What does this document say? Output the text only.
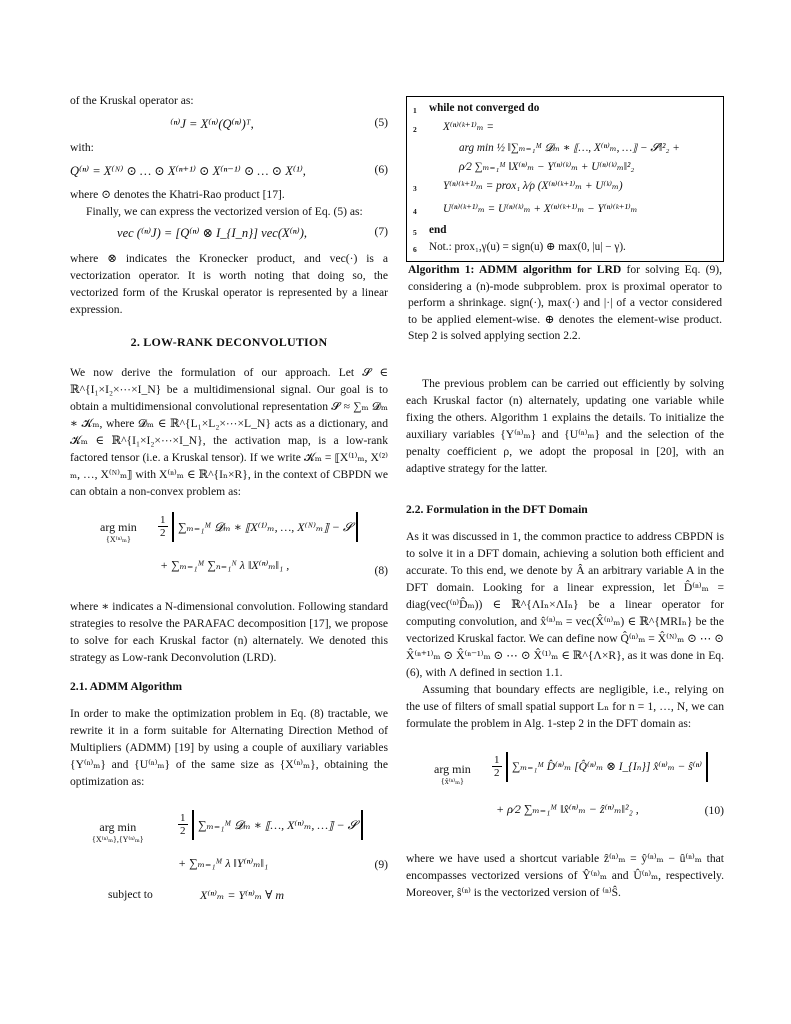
of the Kruskal operator as:

⁽ⁿ⁾J = X⁽ⁿ⁾(Q⁽ⁿ⁾)ᵀ,	(5)

with:

Q⁽ⁿ⁾ = X⁽ᴺ⁾ ⊙ … ⊙ X⁽ⁿ⁺¹⁾ ⊙ X⁽ⁿ⁻¹⁾ ⊙ … ⊙ X⁽¹⁾,	(6)

where ⊙ denotes the Khatri-Rao product [17].

Finally, we can express the vectorized version of Eq. (5) as:

vec (⁽ⁿ⁾J) = [Q⁽ⁿ⁾ ⊗ I_{I_n}] vec(X⁽ⁿ⁾),	(7)

where ⊗ indicates the Kronecker product, and vec(·) is a vectorization operator. It is worth noting that doing so, the vectorized form of the Kruskal operator is represented by a linear expression.

2. LOW-RANK DECONVOLUTION

We now derive the formulation of our approach. Let 𝓢 ∈ ℝ^{I₁×I₂×⋯×I_N} be a multidimensional signal. Our goal is to obtain a multidimensional convolutional representation 𝓢 ≈ ∑ₘ 𝓓ₘ ∗ 𝓚ₘ, where 𝓓ₘ ∈ ℝ^{L₁×L₂×⋯×L_N} acts as a dictionary, and 𝓚ₘ ∈ ℝ^{I₁×I₂×⋯×I_N}, the activation map, is a low-rank factored tensor (i.e. a Kruskal tensor). If we write 𝓚ₘ = ⟦X⁽¹⁾ₘ, X⁽²⁾ₘ, …, X⁽ᴺ⁾ₘ⟧ with X⁽ⁿ⁾ₘ ∈ ℝ^{Iₙ×R}, in the context of CBPDN we can obtain a non-convex problem as:

arg min
{X⁽ⁿ⁾ₘ}
$\frac{1}{2}$ ∑ₘ₌₁ᴹ 𝓓ₘ ∗ ⟦X⁽¹⁾ₘ, …, X⁽ᴺ⁾ₘ⟧ − 𝓢
+ ∑ₘ₌₁ᴹ ∑ₙ₌₁ᴺ λ ‖X⁽ⁿ⁾ₘ‖₁ ,	(8)

where ∗ indicates a N-dimensional convolution. Following standard strategies to resolve the PARAFAC decomposition [17], we propose to solve for each Kruskal factor (n) alternately. We denoted this strategy as Low-rank Deconvolution (LRD).

2.1. ADMM Algorithm

In order to make the optimization problem in Eq. (8) tractable, we rewrite it in a form suitable for Alternating Direction Method of Multipliers (ADMM) [19] by using a couple of auxiliary variables {Y⁽ⁿ⁾ₘ} and {U⁽ⁿ⁾ₘ} of the same size as {X⁽ⁿ⁾ₘ}, obtaining the optimization as:

arg min
{X⁽ⁿ⁾ₘ},{Y⁽ⁿ⁾ₘ}
$\frac{1}{2}$ ∑ₘ₌₁ᴹ 𝓓ₘ ∗ ⟦…, X⁽ⁿ⁾ₘ, …⟧ − 𝓢
+ ∑ₘ₌₁ᴹ λ ‖Y⁽ⁿ⁾ₘ‖₁	(9)
subject to	X⁽ⁿ⁾ₘ = Y⁽ⁿ⁾ₘ ∀ m
1	while not converged do
2	X⁽ⁿ⁾⁽ᵏ⁺¹⁾ₘ =
arg min ½ ‖∑ₘ₌₁ᴹ 𝓓ₘ ∗ ⟦…, X⁽ⁿ⁾ₘ, …⟧ − 𝓢‖²₂ +
ρ⁄2 ∑ₘ₌₁ᴹ ‖X⁽ⁿ⁾ₘ − Y⁽ⁿ⁾⁽ᵏ⁾ₘ + U⁽ⁿ⁾⁽ᵏ⁾ₘ‖²₂
3	Y⁽ⁿ⁾⁽ᵏ⁺¹⁾ₘ = prox₁ λ⁄ρ (X⁽ⁿ⁾⁽ᵏ⁺¹⁾ₘ + U⁽ᵏ⁾ₘ)
4	U⁽ⁿ⁾⁽ᵏ⁺¹⁾ₘ = U⁽ⁿ⁾⁽ᵏ⁾ₘ + X⁽ⁿ⁾⁽ᵏ⁺¹⁾ₘ − Y⁽ⁿ⁾⁽ᵏ⁺¹⁾ₘ
5	end
6	Not.: prox₁,γ(u) = sign(u) ⊕ max(0, |u| − γ).
Algorithm 1: ADMM algorithm for LRD for solving Eq. (9), considering a (n)-mode subproblem. prox is proximal operator to perform a shrinkage. sign(·), max(·) and |·| of a vector considered to be applied element-wise. ⊕ denotes the element-wise product. Step 2 is solved applying section 2.2.

The previous problem can be carried out efficiently by solving each Kruskal factor (n) alternately, updating one variable while fixing the others. Algorithm 1 explains the details. To initialize the auxiliary variables {Y⁽ⁿ⁾ₘ} and {U⁽ⁿ⁾ₘ} and the selection of the penalty coefficient ρ, we adopt the proposal in [20], with an adaptive strategy for the latter.

2.2. Formulation in the DFT Domain

As it was discussed in 1, the common practice to address CBPDN is to solve it in a DFT domain, achieving a solution both efficient and accurate. To this end, we denote by Â an arbitrary variable A in the DFT domain. Looking for a linear expression, let D̂⁽ⁿ⁾ₘ = diag(vec(⁽ⁿ⁾D̂ₘ)) ∈ ℝ^{ΛIₙ×ΛIₙ} be a linear operator for computing convolution, and x̂⁽ⁿ⁾ₘ = vec(X̂⁽ⁿ⁾ₘ) ∈ ℝ^{MRIₙ} be the vectorized Kruskal factor. We can define now Q̂⁽ⁿ⁾ₘ = X̂⁽ᴺ⁾ₘ ⊙ ⋯ ⊙ X̂⁽ⁿ⁺¹⁾ₘ ⊙ X̂⁽ⁿ⁻¹⁾ₘ ⊙ ⋯ ⊙ X̂⁽¹⁾ₘ ∈ ℝ^{Λ×R}, as it was done in Eq. (6), with Λ defined in section 1.1.

Assuming that boundary effects are negligible, i.e., relying on the use of filters of small spatial support Lₙ for n = 1, …, N, we can formulate the problem in Alg. 1-step 2 in the DFT domain as:

arg min
{x̂⁽ⁿ⁾ₘ}
$\frac{1}{2}$ ∑ₘ₌₁ᴹ D̂⁽ⁿ⁾ₘ [Q̂⁽ⁿ⁾ₘ ⊗ I_{Iₙ}] x̂⁽ⁿ⁾ₘ − ŝ⁽ⁿ⁾
+ ρ⁄2 ∑ₘ₌₁ᴹ ‖x̂⁽ⁿ⁾ₘ − ẑ⁽ⁿ⁾ₘ‖²₂ ,	(10)

where we have used a shortcut variable ẑ⁽ⁿ⁾ₘ = ŷ⁽ⁿ⁾ₘ − û⁽ⁿ⁾ₘ that encompasses vectorized versions of Ŷ⁽ⁿ⁾ₘ and Û⁽ⁿ⁾ₘ, respectively. Moreover, ŝ⁽ⁿ⁾ is the vectorized version of ⁽ⁿ⁾Ŝ.
